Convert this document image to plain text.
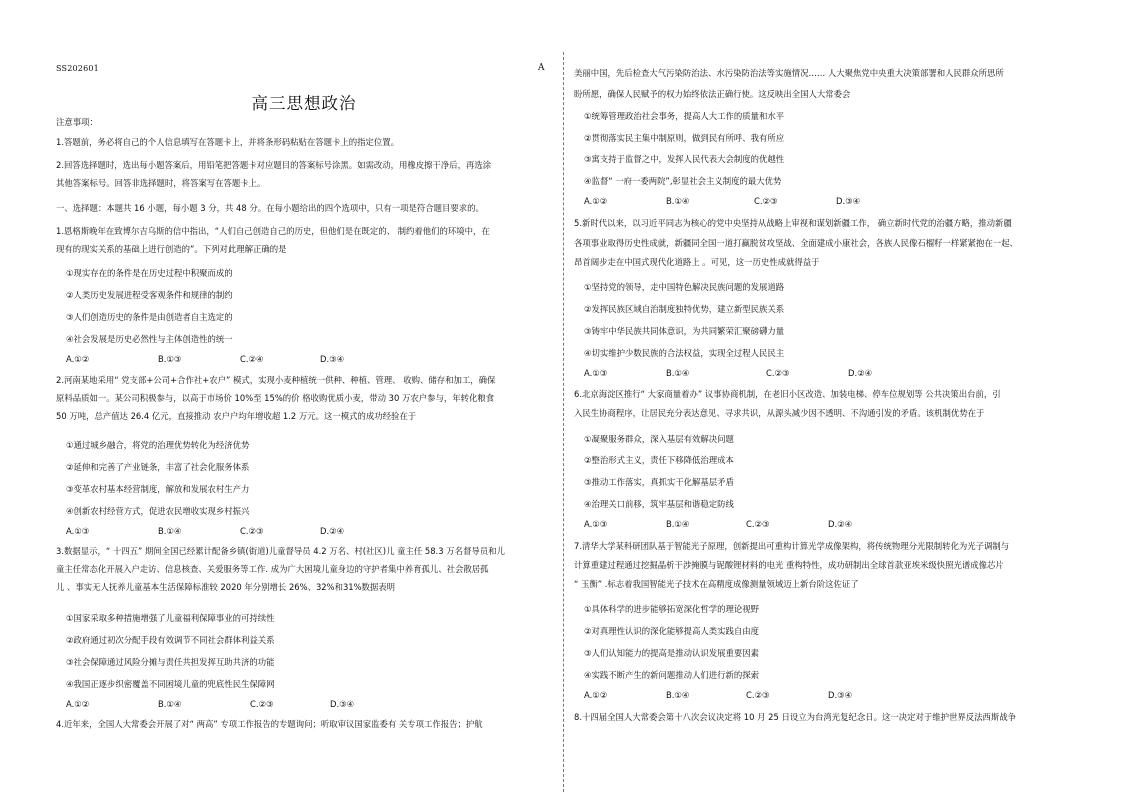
SS202601	A
高三思想政治
注意事项：
1.答题前，务必将自己的个人信息填写在答题卡上，并将条形码粘贴在答题卡上的指定位置。
2.回答选择题时，选出每小题答案后，用铅笔把答题卡对应题目的答案标号涂黑。如需改动，用橡皮擦干净后，再选涂
其他答案标号。回答非选择题时，将答案写在答题卡上。
一、选择题：本题共 16 小题，每小题 3 分，共 48 分。在每小题给出的四个选项中，只有一项是符合题目要求的。
1.恩格斯晚年在致博尔吉乌斯的信中指出，“人们自己创造自己的历史，但他们是在既定的、 制约着他们的环境中，在
现有的现实关系的基础上进行创造的”。下列对此理解正确的是
①现实存在的条件是在历史过程中积聚而成的
②人类历史发展进程受客观条件和规律的制约
③人们创造历史的条件是由创造者自主选定的
④社会发展是历史必然性与主体创造性的统一
A.①②	B.①③	C.②④	D.③④
2.河南某地采用“ 党支部+公司+合作社+农户” 模式，实现小麦种植统一供种、种植、管理、 收购、储存和加工，确保
原料品质如一。某公司积极参与，以高于市场价 10%至 15%的价 格收购优质小麦，带动 30 万农户参与，年转化粮食
50 万吨，总产值达 26.4 亿元，直接推动 农户户均年增收超 1.2 万元。这一模式的成功经验在于
①通过城乡融合，将党的治理优势转化为经济优势
②延伸和完善了产业链条，丰富了社会化服务体系
③变革农村基本经营制度，解放和发展农村生产力
④创新农村经营方式，促进农民增收实现乡村振兴
A.①③	B.①④	C.②③	D.②④
3.数据显示，“ 十四五” 期间全国已经累计配备乡镇(街道)儿童督导员 4.2 万名、村(社区)儿 童主任 58.3 万名督导员和儿
童主任常态化开展入户走访、信息核查、关爱服务等工作. 成为广大困境儿童身边的守护者集中养育孤儿、社会散居孤
儿 、事实无人抚养儿童基本生活保障标准较 2020 年分别增长 26%、32%和31%数据表明
①国家采取多种措施增强了儿童福利保障事业的可持续性
②政府通过初次分配手段有效调节不同社会群体利益关系
③社会保障通过风险分摊与责任共担发挥互助共济的功能
④我国正逐步织密覆盖不同困境儿童的兜底性民生保障网
A.①②	B.①④	C.②③	D.③④
4.近年来，全国人大常委会开展了对“ 两高” 专项工作报告的专题询问；听取审议国家监委有 关专项工作报告；护航
美丽中国，先后检查大气污染防治法、水污染防治法等实施情况…… 人大聚焦党中央重大决策部署和人民群众所思所
盼所愿，确保人民赋予的权力始终依法正确行使。这反映出全国人大常委会
①统筹管理政治社会事务，提高人大工作的质量和水平
②贯彻落实民主集中制原则，做到民有所呼、我有所应
③寓支持于监督之中，发挥人民代表大会制度的优越性
④监督“ 一府一委两院”,彰显社会主义制度的最大优势
A.①②	B.①④	C.②③	D.③④
5.新时代以来，以习近平同志为核心的党中央坚持从战略上审视和谋划新疆工作， 确立新时代党的治疆方略，推动新疆
各项事业取得历史性成就，新疆同全国一道打赢脱贫攻坚战、全面建成小康社会，各族人民像石榴籽一样紧紧抱在一起、
昂首阔步走在中国式现代化道路上 。可见，这一历史性成就得益于
①坚持党的领导，走中国特色解决民族问题的发展道路
②发挥民族区域自治制度独特优势，建立新型民族关系
③铸牢中华民族共同体意识，为共同繁荣汇聚磅礴力量
④切实维护少数民族的合法权益，实现全过程人民民主
A.①③	B.①④	C.②③	D.②④
6.北京海淀区推行“ 大家商量着办” 议事协商机制，在老旧小区改造、加装电梯、停车位规划等 公共决策出台前，引
入民生协商程序，让居民充分表达意见、寻求共识，从源头减少因不透明、不沟通引发的矛盾。该机制优势在于
①凝聚服务群众，深入基层有效解决问题
②整治形式主义，责任下移降低治理成本
③推动工作落实，真抓实干化解基层矛盾
④治理关口前移，筑牢基层和谐稳定防线
A.①③	B.①④	C.②③	D.②④
7.清华大学某科研团队基于智能光子原理，创新提出可重构计算光学成像架构，将传统物理分光限制转化为光子调制与
计算重建过程通过挖掘晶析干涉掩膜与铌酸锂材料的电光 重构特性，成功研制出全球首款亚埃米级快照光谱成像芯片
“ 玉衡” .标志着我国智能光子技术在高精度成像测量领域迈上新台阶这佐证了
①具体科学的进步能够拓宽深化哲学的理论视野
②对真理性认识的深化能够提高人类实践自由度
③人们认知能力的提高是推动认识发展重要因素
④实践不断产生的新问题推动人们进行新的探索
A.①②	B.①④	C.②③	D.③④
8.十四届全国人大常委会第十八次会议决定将 10 月 25 日设立为台湾光复纪念日。这一决定对于维护世界反法西斯战争
